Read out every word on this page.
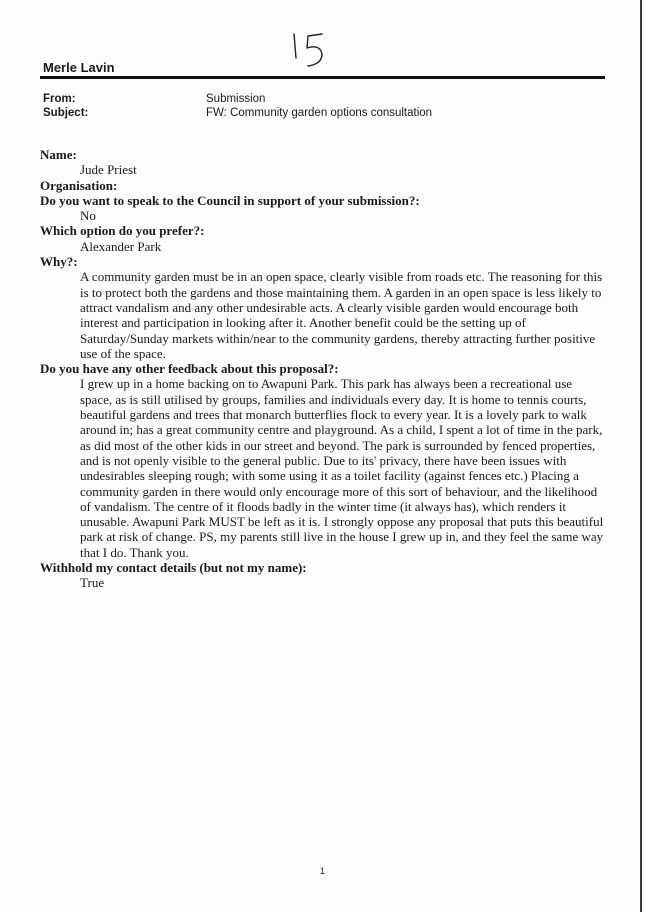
Merle Lavin
From:	Submission
Subject:	FW: Community garden options consultation

Name:

Jude Priest

Organisation:

Do you want to speak to the Council in support of your submission?:

No

Which option do you prefer?:

Alexander Park

Why?:

A community garden must be in an open space, clearly visible from roads etc. The reasoning for this is to protect both the gardens and those maintaining them. A garden in an open space is less likely to attract vandalism and any other undesirable acts. A clearly visible garden would encourage both interest and participation in looking after it. Another benefit could be the setting up of Saturday/Sunday markets within/near to the community gardens, thereby attracting further positive use of the space.

Do you have any other feedback about this proposal?:

I grew up in a home backing on to Awapuni Park. This park has always been a recreational use space, as is still utilised by groups, families and individuals every day. It is home to tennis courts, beautiful gardens and trees that monarch butterflies flock to every year. It is a lovely park to walk around in; has a great community centre and playground. As a child, I spent a lot of time in the park, as did most of the other kids in our street and beyond. The park is surrounded by fenced properties, and is not openly visible to the general public. Due to its' privacy, there have been issues with undesirables sleeping rough; with some using it as a toilet facility (against fences etc.) Placing a community garden in there would only encourage more of this sort of behaviour, and the likelihood of vandalism. The centre of it floods badly in the winter time (it always has), which renders it unusable. Awapuni Park MUST be left as it is. I strongly oppose any proposal that puts this beautiful park at risk of change. PS, my parents still live in the house I grew up in, and they feel the same way that I do. Thank you.

Withhold my contact details (but not my name):

True

1
